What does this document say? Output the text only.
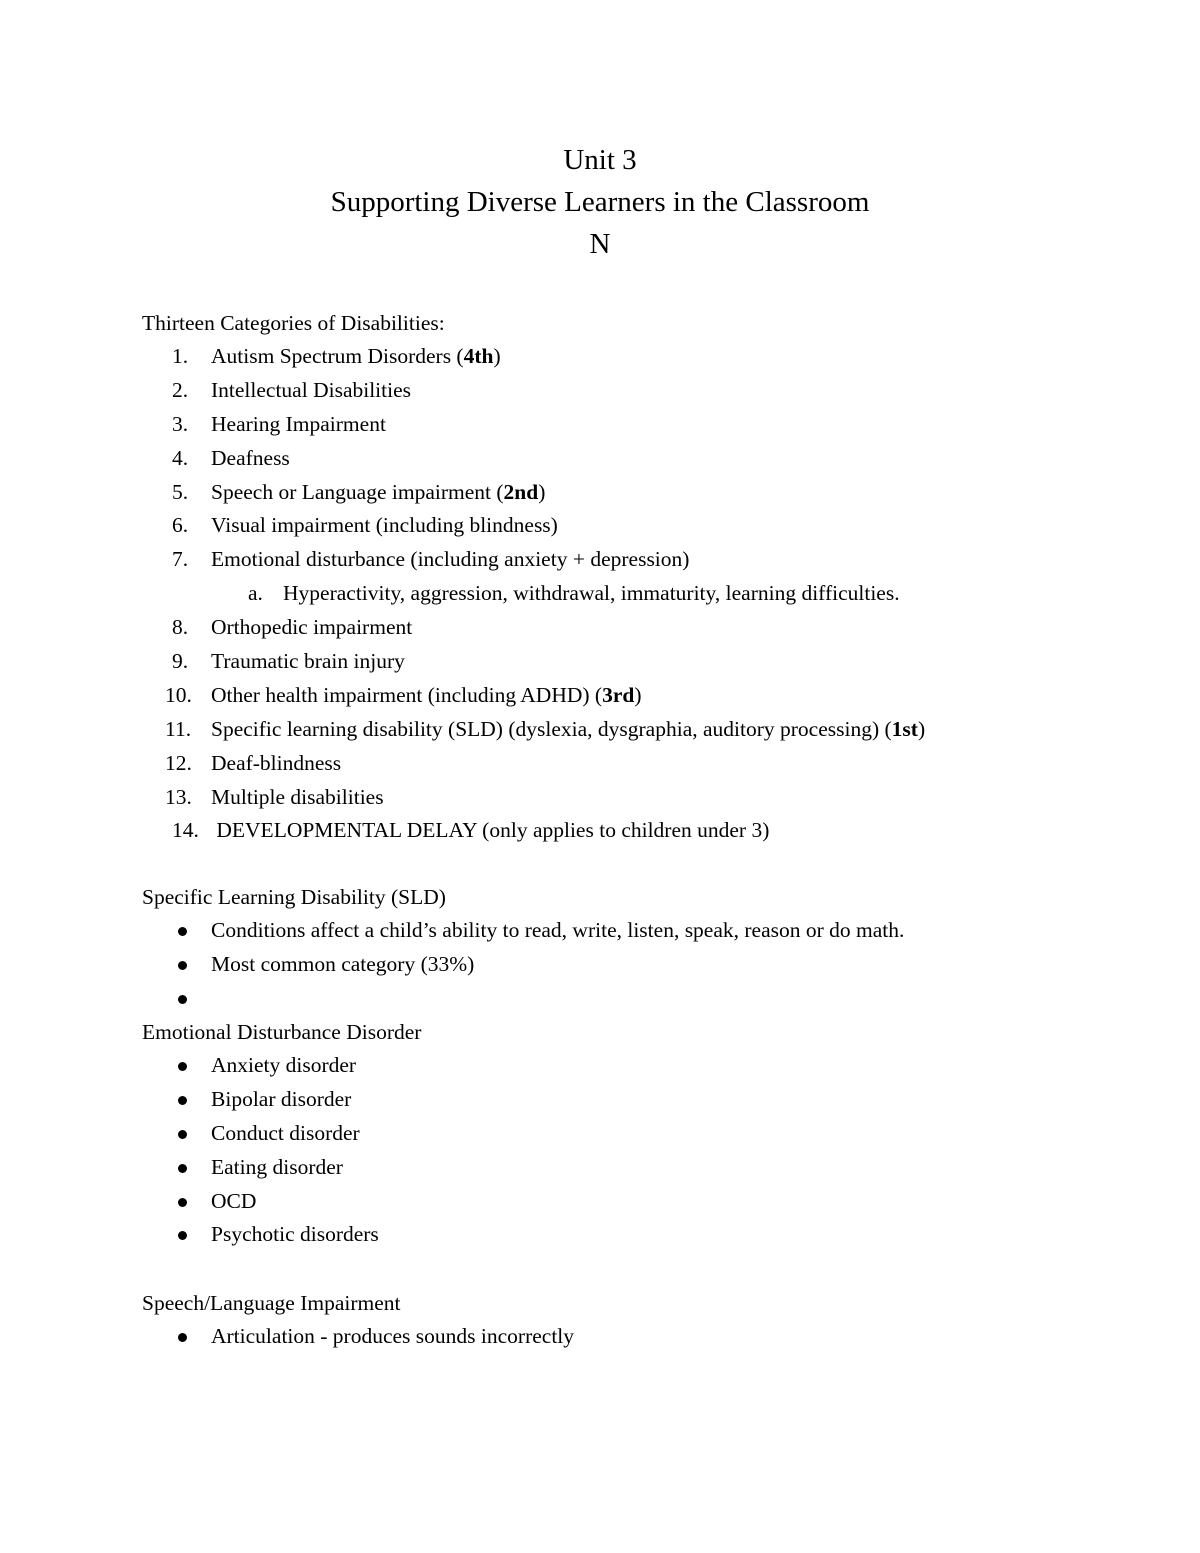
Unit 3
Supporting Diverse Learners in the Classroom
N
Thirteen Categories of Disabilities:
1. Autism Spectrum Disorders (4th)
2. Intellectual Disabilities
3. Hearing Impairment
4. Deafness
5. Speech or Language impairment (2nd)
6. Visual impairment (including blindness)
7. Emotional disturbance (including anxiety + depression)
a. Hyperactivity, aggression, withdrawal, immaturity, learning difficulties.
8. Orthopedic impairment
9. Traumatic brain injury
10. Other health impairment (including ADHD) (3rd)
11. Specific learning disability (SLD) (dyslexia, dysgraphia, auditory processing) (1st)
12. Deaf-blindness
13. Multiple disabilities
14. DEVELOPMENTAL DELAY (only applies to children under 3)
Specific Learning Disability (SLD)
Conditions affect a child’s ability to read, write, listen, speak, reason or do math.
Most common category (33%)
Emotional Disturbance Disorder
Anxiety disorder
Bipolar disorder
Conduct disorder
Eating disorder
OCD
Psychotic disorders
Speech/Language Impairment
Articulation - produces sounds incorrectly
